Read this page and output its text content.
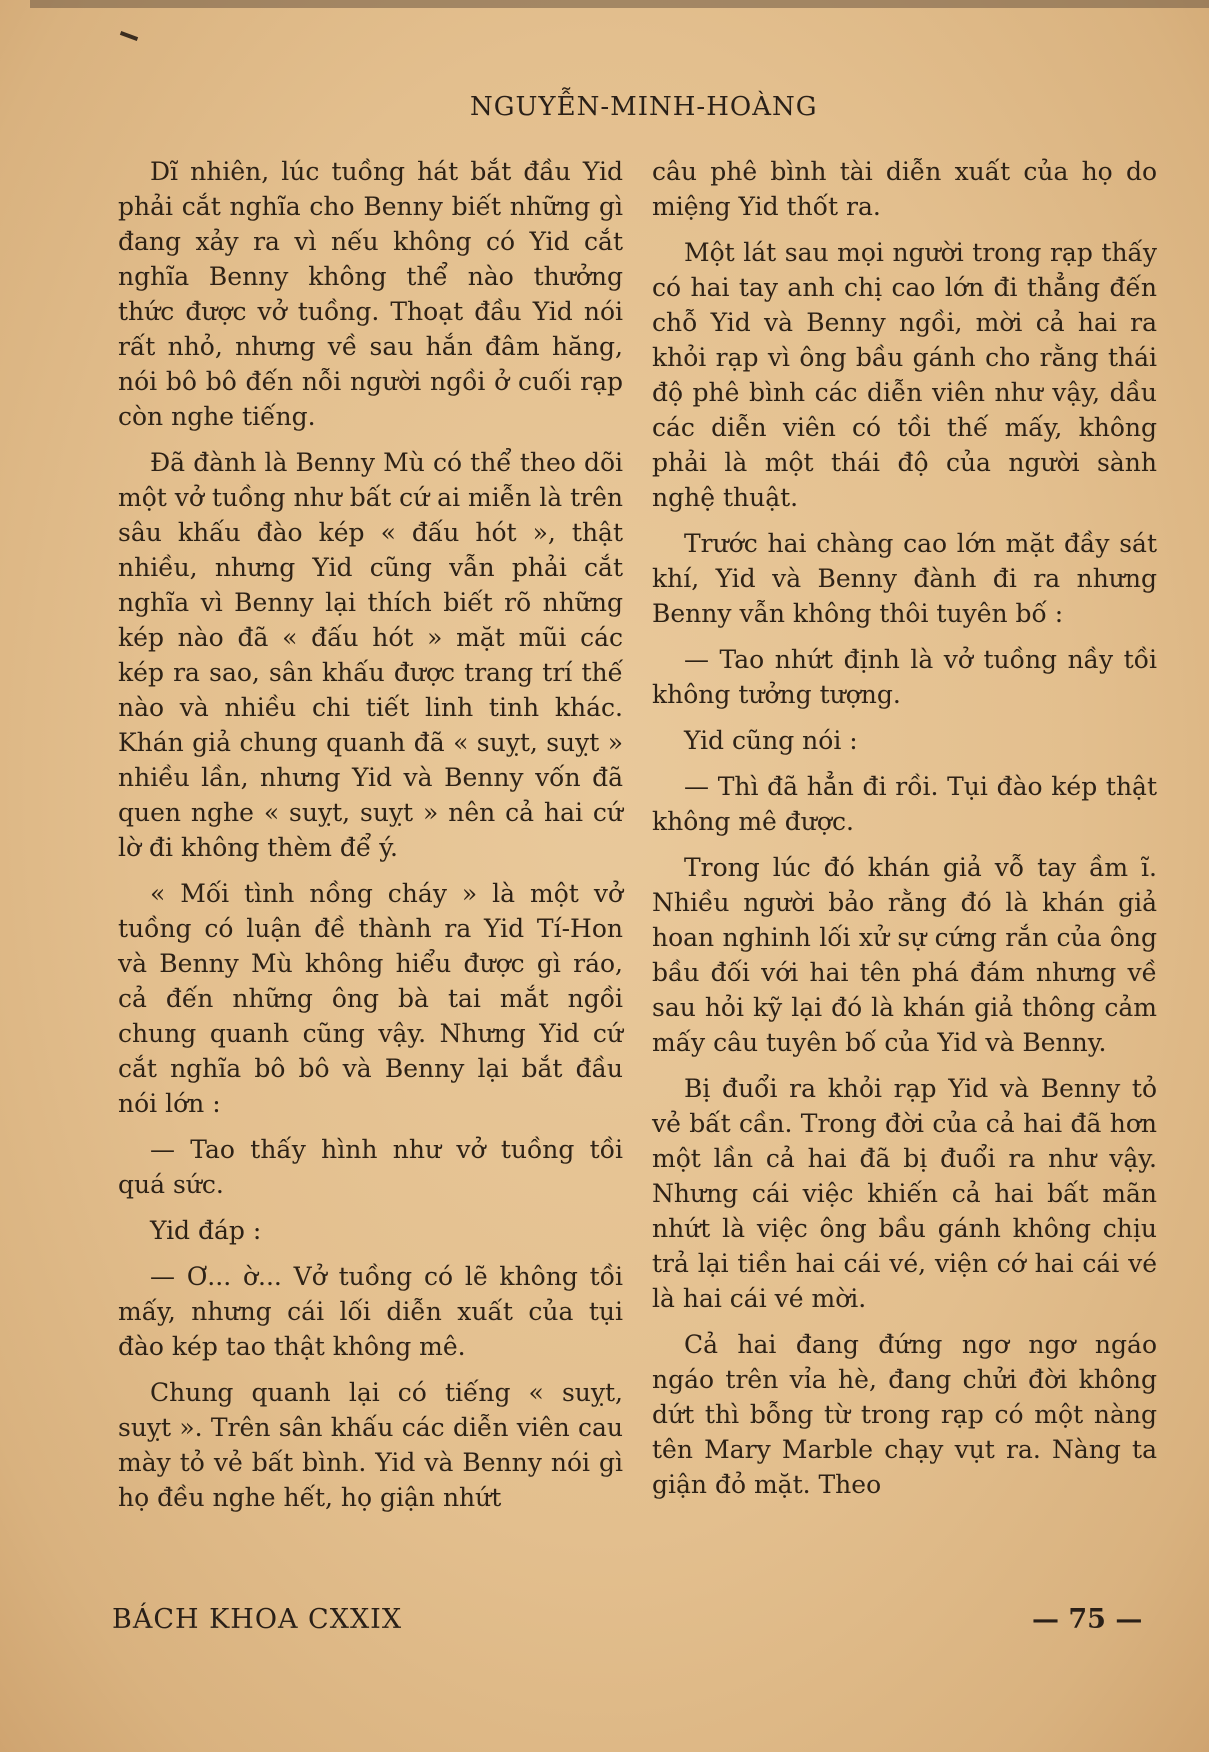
NGUYỄN-MINH-HOÀNG

Dĩ nhiên, lúc tuồng hát bắt đầu Yid phải cắt nghĩa cho Benny biết những gì đang xảy ra vì nếu không có Yid cắt nghĩa Benny không thể nào thưởng thức được vở tuồng. Thoạt đầu Yid nói rất nhỏ, nhưng về sau hắn đâm hăng, nói bô bô đến nỗi người ngồi ở cuối rạp còn nghe tiếng.

Đã đành là Benny Mù có thể theo dõi một vở tuồng như bất cứ ai miễn là trên sâu khấu đào kép « đấu hót », thật nhiều, nhưng Yid cũng vẫn phải cắt nghĩa vì Benny lại thích biết rõ những kép nào đã « đấu hót » mặt mũi các kép ra sao, sân khấu được trang trí thế nào và nhiều chi tiết linh tinh khác. Khán giả chung quanh đã « suỵt, suỵt » nhiều lần, nhưng Yid và Benny vốn đã quen nghe « suỵt, suỵt » nên cả hai cứ lờ đi không thèm để ý.

« Mối tình nồng cháy » là một vở tuồng có luận đề thành ra Yid Tí-Hon và Benny Mù không hiểu được gì ráo, cả đến những ông bà tai mắt ngồi chung quanh cũng vậy. Nhưng Yid cứ cắt nghĩa bô bô và Benny lại bắt đầu nói lớn :

— Tao thấy hình như vở tuồng tồi quá sức.

Yid đáp :

— Ơ... ờ... Vở tuồng có lẽ không tồi mấy, nhưng cái lối diễn xuất của tụi đào kép tao thật không mê.

Chung quanh lại có tiếng « suỵt, suỵt ». Trên sân khấu các diễn viên cau mày tỏ vẻ bất bình. Yid và Benny nói gì họ đều nghe hết, họ giận nhứt

câu phê bình tài diễn xuất của họ do miệng Yid thốt ra.

Một lát sau mọi người trong rạp thấy có hai tay anh chị cao lớn đi thẳng đến chỗ Yid và Benny ngồi, mời cả hai ra khỏi rạp vì ông bầu gánh cho rằng thái độ phê bình các diễn viên như vậy, dầu các diễn viên có tồi thế mấy, không phải là một thái độ của người sành nghệ thuật.

Trước hai chàng cao lớn mặt đầy sát khí, Yid và Benny đành đi ra nhưng Benny vẫn không thôi tuyên bố :

— Tao nhứt định là vở tuồng nầy tồi không tưởng tượng.

Yid cũng nói :

— Thì đã hẳn đi rồi. Tụi đào kép thật không mê được.

Trong lúc đó khán giả vỗ tay ầm ĩ. Nhiều người bảo rằng đó là khán giả hoan nghinh lối xử sự cứng rắn của ông bầu đối với hai tên phá đám nhưng về sau hỏi kỹ lại đó là khán giả thông cảm mấy câu tuyên bố của Yid và Benny.

Bị đuổi ra khỏi rạp Yid và Benny tỏ vẻ bất cần. Trong đời của cả hai đã hơn một lần cả hai đã bị đuổi ra như vậy. Nhưng cái việc khiến cả hai bất mãn nhứt là việc ông bầu gánh không chịu trả lại tiền hai cái vé, viện cớ hai cái vé là hai cái vé mời.

Cả hai đang đứng ngơ ngơ ngáo ngáo trên vỉa hè, đang chửi đời không dứt thì bỗng từ trong rạp có một nàng tên Mary Marble chạy vụt ra. Nàng ta giận đỏ mặt. Theo

BÁCH KHOA CXXIX	— 75 —
